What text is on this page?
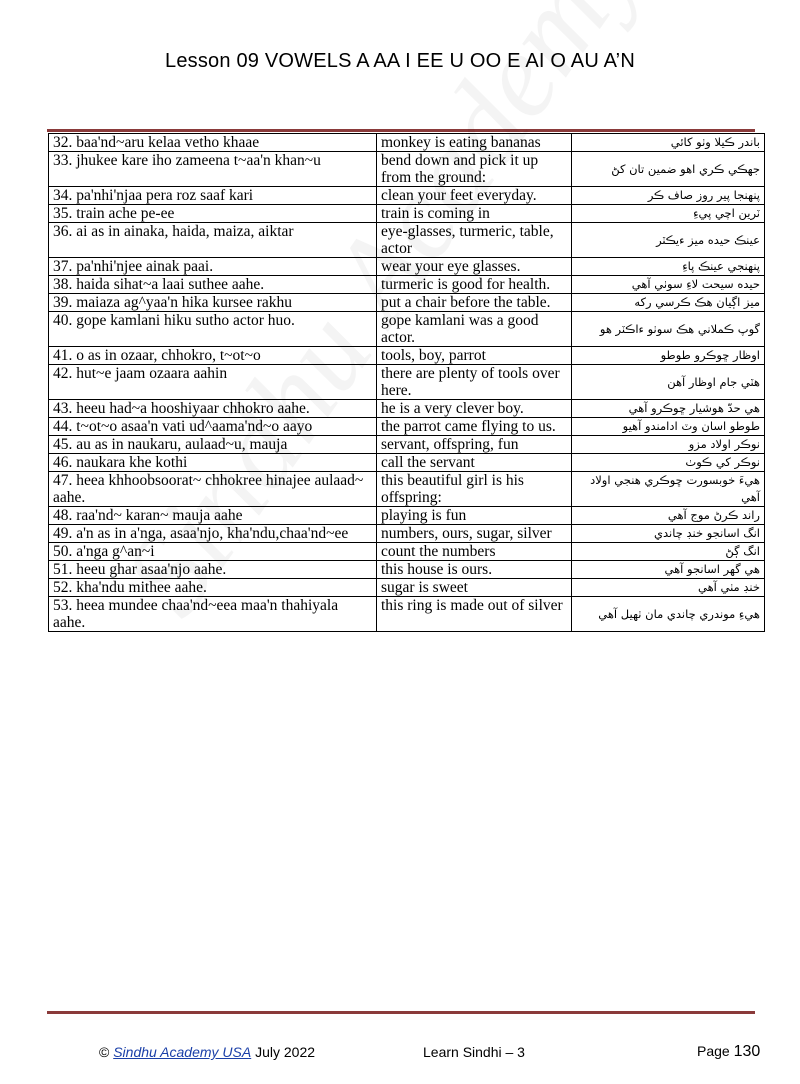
Lesson 09 VOWELS A AA I EE U OO E AI O AU A’N
32. baa'nd~aru kelaa vetho khaae	monkey is eating bananas	باندر ڪيلا وٺو کائي
33. jhukee kare iho zameena t~aa'n khan~u	bend down and pick it up from the ground:	جهڪي ڪري اهو ضمين تان کڻ
34. pa'nhi'njaa pera roz saaf kari	clean your feet everyday.	پنهنجا پير روز صاف ڪر
35. train ache pe-ee	train is coming in	ٽرين اچي پيءِ
36. ai as in ainaka, haida, maiza, aiktar	eye-glasses, turmeric, table, actor	عينڪ حيده ميز ءيڪٽر
37. pa'nhi'njee ainak paai.	wear your eye glasses.	پنهنجي عينڪ پاءِ
38. haida sihat~a laai suthee aahe.	turmeric is good for health.	حيده سيحت لاءِ سوٺي آهي
39. maiaza ag^yaa'n hika kursee rakhu	put a chair before the table.	ميز اڳيان هڪ ڪرسي رکه
40. gope kamlani hiku sutho actor huo.	gope kamlani was a good actor.	گوپ ڪملاني هڪ سوٺو ءاڪٽر هو
41. o as in ozaar, chhokro, t~ot~o	tools, boy, parrot	اوظار ڇوڪرو طوطو
42. hut~e jaam ozaara aahin	there are plenty of tools over here.	هٽي جام اوظار آهن
43. heeu had~a hooshiyaar chhokro aahe.	he is a very clever boy.	هي حدّ هوشيار ڇوڪرو آهي
44. t~ot~o asaa'n vati ud^aama'nd~o aayo	the parrot came flying to us.	طوطو اسان وٽ ادامندو آهيو
45. au as in naukaru, aulaad~u, mauja	servant, offspring, fun	نوڪر اولاد مزو
46. naukara khe kothi	call the servant	نوڪر کي ڪوٺ
47. heea khhoobsoorat~ chhokree hinajee aulaad~ aahe.	this beautiful girl is his offspring:	هيءَ خوبسورت ڇوڪري هنجي اولاد آهي
48. raa'nd~ karan~ mauja aahe	playing is fun	راند ڪرڻ موج آهي
49. a'n as in a'nga, asaa'njo, kha'ndu,chaa'nd~ee	numbers, ours, sugar, silver	انگ اسانجو خنڊ چاندي
50. a'nga g^an~i	count the numbers	انگ ڳڻ
51. heeu ghar asaa'njo aahe.	this house is ours.	هي گهر اسانجو آهي
52. kha'ndu mithee aahe.	sugar is sweet	خنڊ مٺي آهي
53. heea mundee chaa'nd~eea maa'n thahiyala aahe.	this ring is made out of silver	هيءِ موندري چاندي مان ٺهيل آهي
© Sindhu Academy USA July 2022	Learn Sindhi – 3	Page 130
